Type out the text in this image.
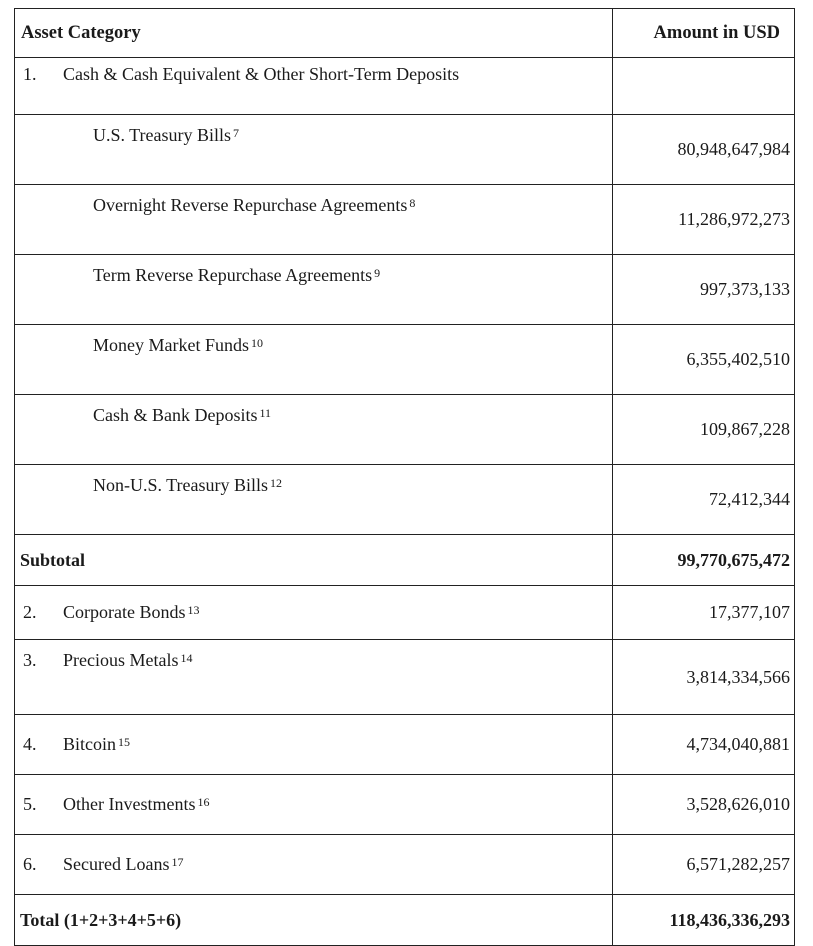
Asset Category	Amount in USD
1. Cash & Cash Equivalent & Other Short-Term Deposits	
U.S. Treasury Bills $^7$	80,948,647,984
Overnight Reverse Repurchase Agreements $^8$	11,286,972,273
Term Reverse Repurchase Agreements $^9$	997,373,133
Money Market Funds $^{10}$	6,355,402,510
Cash & Bank Deposits $^{11}$	109,867,228
Non-U.S. Treasury Bills $^{12}$	72,412,344
Subtotal	99,770,675,472
2. Corporate Bonds $^{13}$	17,377,107
3. Precious Metals $^{14}$	3,814,334,566
4. Bitcoin $^{15}$	4,734,040,881
5. Other Investments $^{16}$	3,528,626,010
6. Secured Loans $^{17}$	6,571,282,257
Total (1+2+3+4+5+6)	118,436,336,293
